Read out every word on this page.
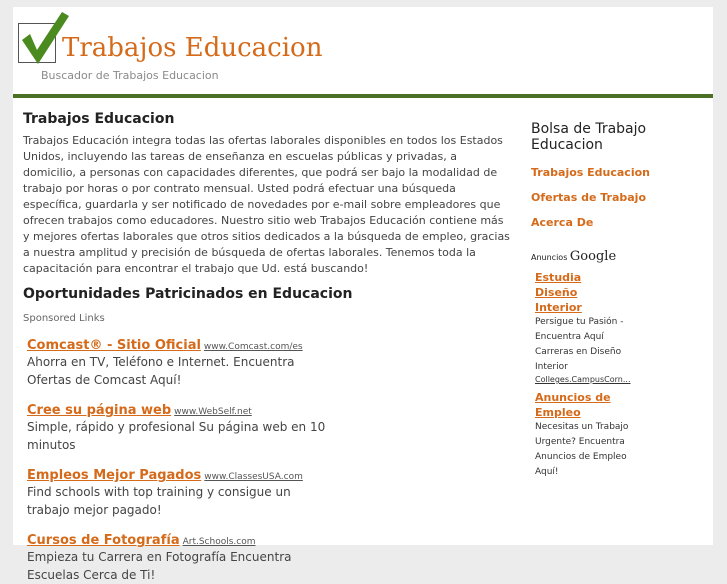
Trabajos Educacion
Buscador de Trabajos Educacion
Trabajos Educacion

Trabajos Educación integra todas las ofertas laborales disponibles en todos los Estados Unidos, incluyendo las tareas de enseñanza en escuelas públicas y privadas, a domicilio, a personas con capacidades diferentes, que podrá ser bajo la modalidad de trabajo por horas o por contrato mensual. Usted podrá efectuar una búsqueda específica, guardarla y ser notificado de novedades por e-mail sobre empleadores que ofrecen trabajos como educadores. Nuestro sitio web Trabajos Educación contiene más y mejores ofertas laborales que otros sitios dedicados a la búsqueda de empleo, gracias a nuestra amplitud y precisión de búsqueda de ofertas laborales. Tenemos toda la capacitación para encontrar el trabajo que Ud. está buscando!

Oportunidades Patricinados en Educacion
Sponsored Links
Comcast® - Sitio Oficial www.Comcast.com/es
Ahorra en TV, Teléfono e Internet. Encuentra Ofertas de Comcast Aquí!
Cree su página web www.WebSelf.net
Simple, rápido y profesional Su página web en 10 minutos
Empleos Mejor Pagados www.ClassesUSA.com
Find schools with top training y consigue un trabajo mejor pagado!
Cursos de Fotografía Art.Schools.com
Empieza tu Carrera en Fotografía Encuentra Escuelas Cerca de Ti!
Bolsa de Trabajo Educacion
Trabajos Educacion
Ofertas de Trabajo
Acerca De
Anuncios Google
Estudia Diseño Interior
Persigue tu Pasión - Encuentra Aquí Carreras en Diseño Interior
Colleges.CampusCorn...
Anuncios de Empleo
Necesitas un Trabajo Urgente? Encuentra Anuncios de Empleo Aquí!
